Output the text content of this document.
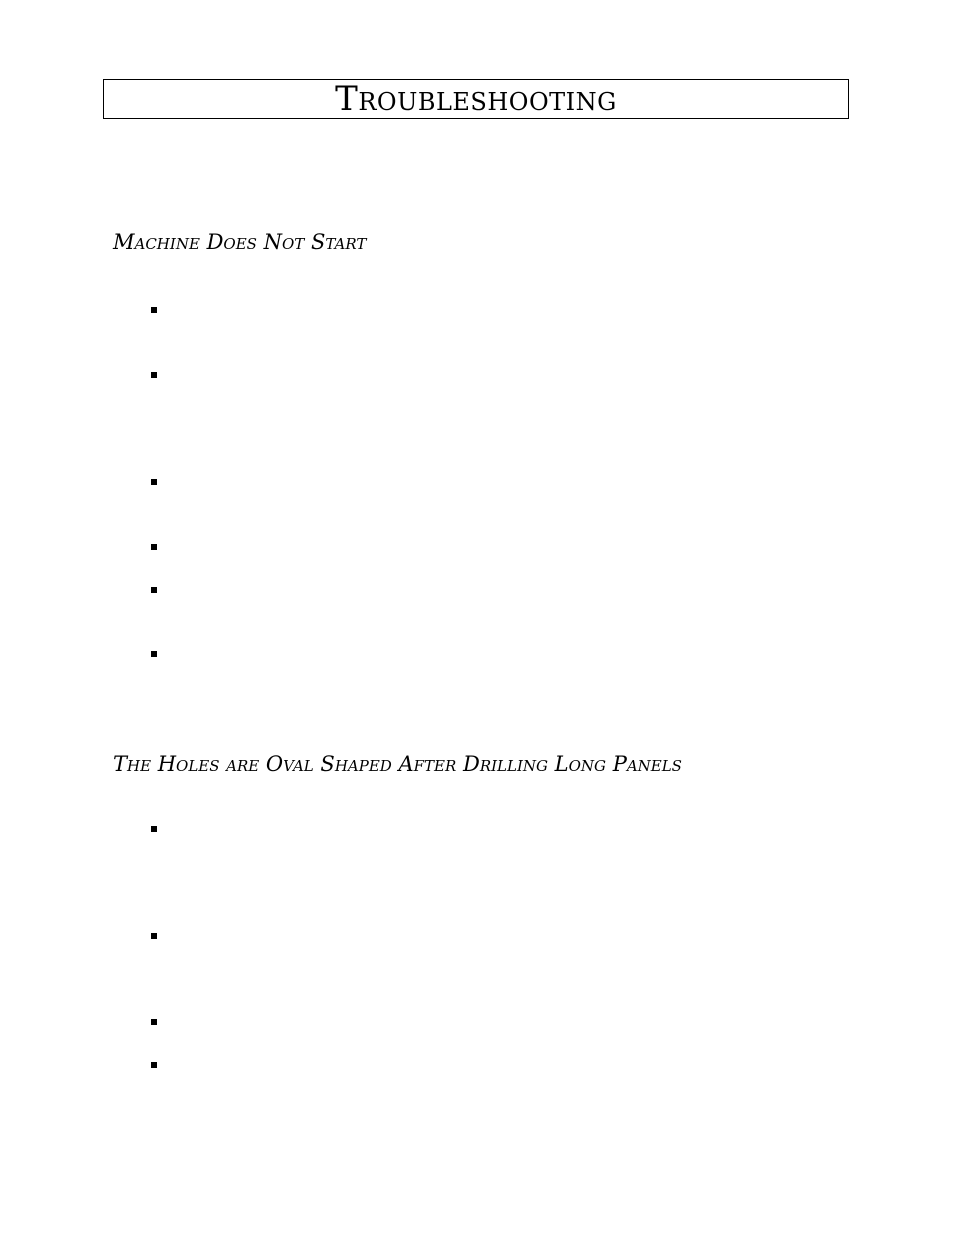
Troubleshooting
Machine Does Not Start
The Holes are Oval Shaped After Drilling Long Panels
